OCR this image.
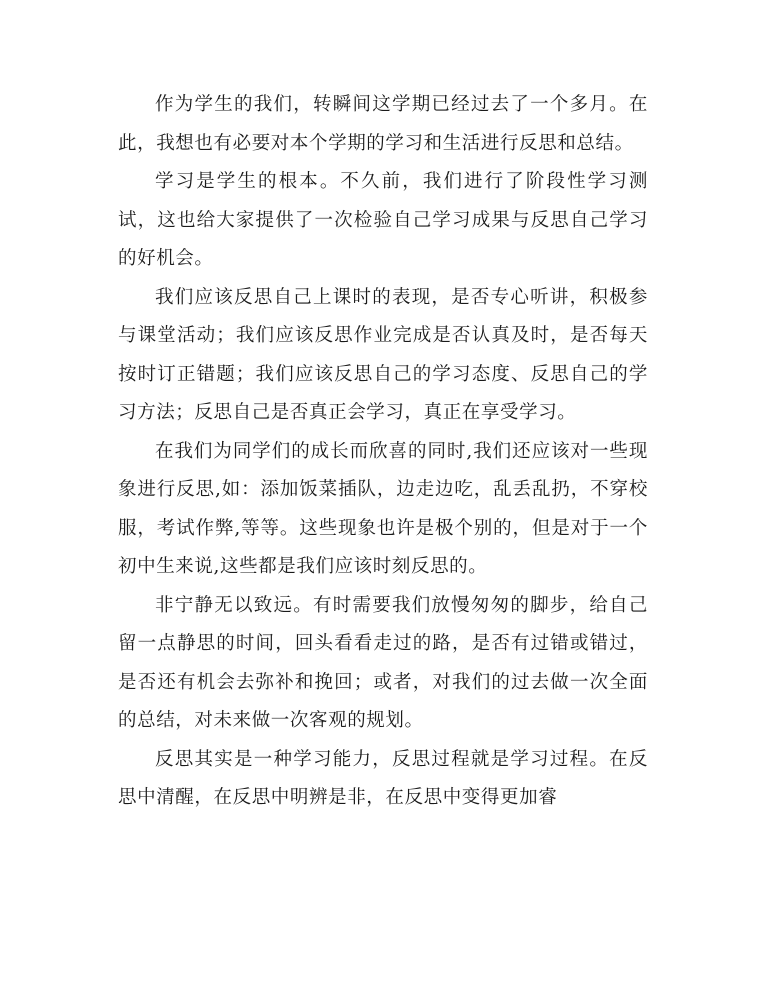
作为学生的我们，转瞬间这学期已经过去了一个多月。在此，我想也有必要对本个学期的学习和生活进行反思和总结。

学习是学生的根本。不久前，我们进行了阶段性学习测试，这也给大家提供了一次检验自己学习成果与反思自己学习的好机会。

我们应该反思自己上课时的表现，是否专心听讲，积极参与课堂活动；我们应该反思作业完成是否认真及时，是否每天按时订正错题；我们应该反思自己的学习态度、反思自己的学习方法；反思自己是否真正会学习，真正在享受学习。

在我们为同学们的成长而欣喜的同时,我们还应该对一些现象进行反思,如：添加饭菜插队，边走边吃，乱丢乱扔，不穿校服，考试作弊,等等。这些现象也许是极个别的，但是对于一个初中生来说,这些都是我们应该时刻反思的。

非宁静无以致远。有时需要我们放慢匆匆的脚步，给自己留一点静思的时间，回头看看走过的路，是否有过错或错过，是否还有机会去弥补和挽回；或者，对我们的过去做一次全面的总结，对未来做一次客观的规划。

反思其实是一种学习能力，反思过程就是学习过程。在反思中清醒，在反思中明辨是非，在反思中变得更加睿
